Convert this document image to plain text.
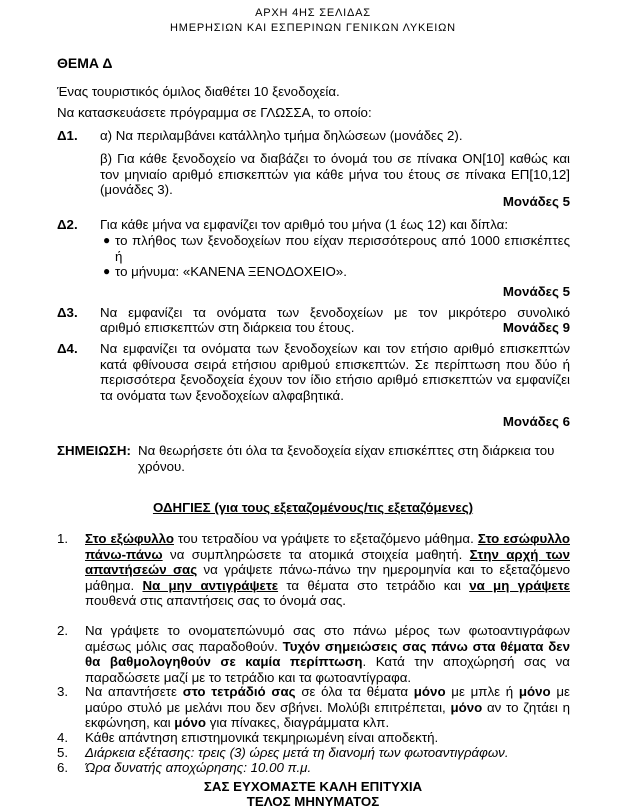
ΑΡΧΗ 4ΗΣ ΣΕΛΙΔΑΣ
ΗΜΕΡΗΣΙΩΝ ΚΑΙ ΕΣΠΕΡΙΝΩΝ ΓΕΝΙΚΩΝ ΛΥΚΕΙΩΝ
ΘΕΜΑ Δ
Ένας τουριστικός όμιλος διαθέτει 10 ξενοδοχεία.
Να κατασκευάσετε πρόγραμμα σε ΓΛΩΣΣΑ, το οποίο:
Δ1. α) Να περιλαμβάνει κατάλληλο τμήμα δηλώσεων (μονάδες 2).
β) Για κάθε ξενοδοχείο να διαβάζει το όνομά του σε πίνακα ΟΝ[10] καθώς και τον μηνιαίο αριθμό επισκεπτών για κάθε μήνα του έτους σε πίνακα ΕΠ[10,12] (μονάδες 3).
Μονάδες 5
Δ2. Για κάθε μήνα να εμφανίζει τον αριθμό του μήνα (1 έως 12) και δίπλα:
● το πλήθος των ξενοδοχείων που είχαν περισσότερους από 1000 επισκέπτες ή
● το μήνυμα: «ΚΑΝΕΝΑ ΞΕΝΟΔΟΧΕΙΟ».
Μονάδες 5
Δ3. Να εμφανίζει τα ονόματα των ξενοδοχείων με τον μικρότερο συνολικό
αριθμό επισκεπτών στη διάρκεια του έτους.	Μονάδες 9
Δ4. Να εμφανίζει τα ονόματα των ξενοδοχείων και τον ετήσιο αριθμό επισκεπτών κατά φθίνουσα σειρά ετήσιου αριθμού επισκεπτών. Σε περίπτωση που δύο ή περισσότερα ξενοδοχεία έχουν τον ίδιο ετήσιο αριθμό επισκεπτών να εμφανίζει τα ονόματα των ξενοδοχείων αλφαβητικά.
Μονάδες 6
ΣΗΜΕΙΩΣΗ: Να θεωρήσετε ότι όλα τα ξενοδοχεία είχαν επισκέπτες στη διάρκεια του χρόνου.
ΟΔΗΓΙΕΣ (για τους εξεταζομένους/τις εξεταζόμενες)
1. Στο εξώφυλλο του τετραδίου να γράψετε το εξεταζόμενο μάθημα. Στο εσώφυλλο πάνω-πάνω να συμπληρώσετε τα ατομικά στοιχεία μαθητή. Στην αρχή των απαντήσεών σας να γράψετε πάνω-πάνω την ημερομηνία και το εξεταζόμενο μάθημα. Να μην αντιγράψετε τα θέματα στο τετράδιο και να μη γράψετε πουθενά στις απαντήσεις σας το όνομά σας.
2. Να γράψετε το ονοματεπώνυμό σας στο πάνω μέρος των φωτοαντιγράφων αμέσως μόλις σας παραδοθούν. Τυχόν σημειώσεις σας πάνω στα θέματα δεν θα βαθμολογηθούν σε καμία περίπτωση. Κατά την αποχώρησή σας να παραδώσετε μαζί με το τετράδιο και τα φωτοαντίγραφα.
3. Να απαντήσετε στο τετράδιό σας σε όλα τα θέματα μόνο με μπλε ή μόνο με μαύρο στυλό με μελάνι που δεν σβήνει. Μολύβι επιτρέπεται, μόνο αν το ζητάει η εκφώνηση, και μόνο για πίνακες, διαγράμματα κλπ.
4. Κάθε απάντηση επιστημονικά τεκμηριωμένη είναι αποδεκτή.
5. Διάρκεια εξέτασης: τρεις (3) ώρες μετά τη διανομή των φωτοαντιγράφων.
6. Ώρα δυνατής αποχώρησης: 10.00 π.μ.
ΣΑΣ ΕΥΧΟΜΑΣΤΕ ΚΑΛΗ ΕΠΙΤΥΧΙΑ
ΤΕΛΟΣ ΜΗΝΥΜΑΤΟΣ
